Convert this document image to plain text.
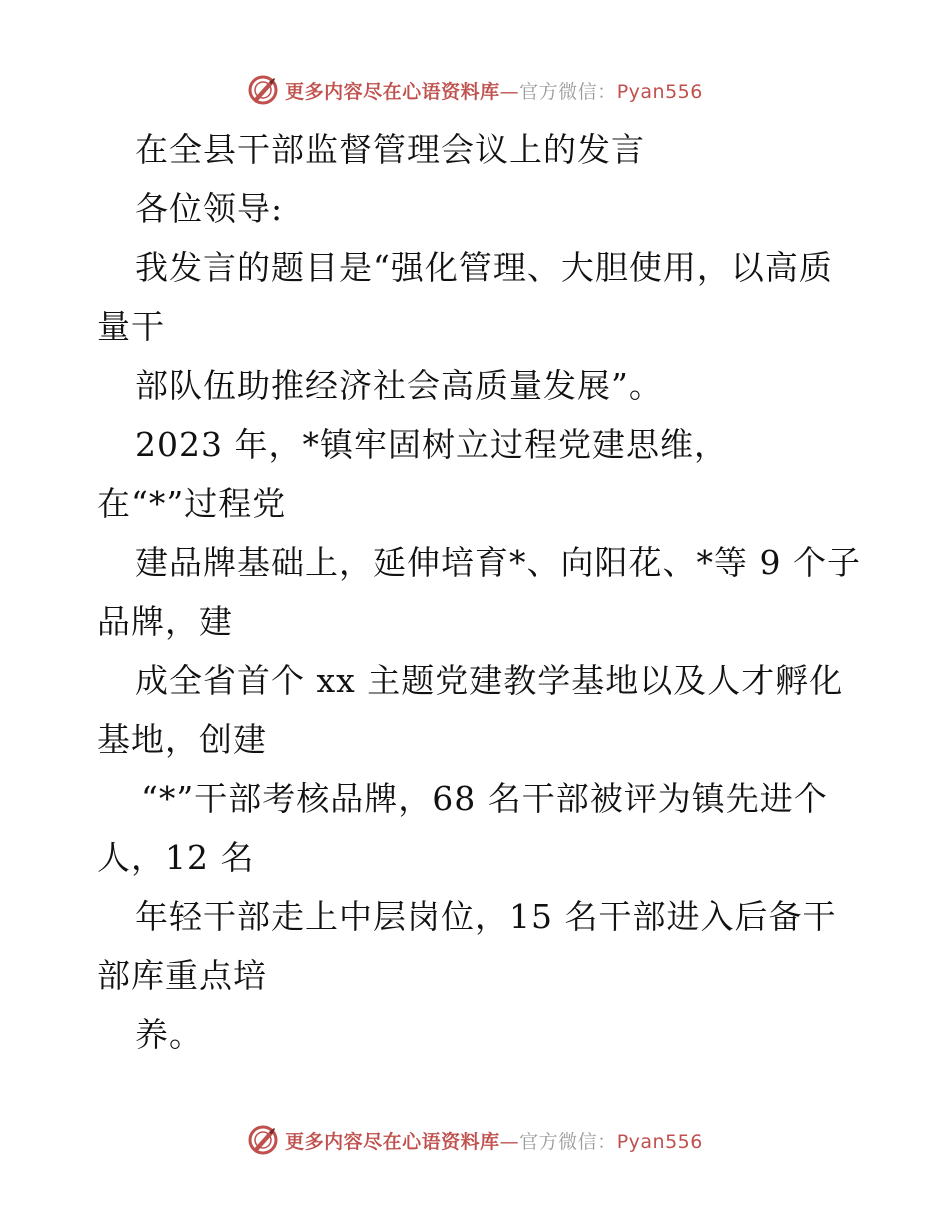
更多内容尽在心语资料库—官方微信：Pyan556
在全县干部监督管理会议上的发言
各位领导:
我发言的题目是“强化管理、大胆使用，以高质
量干
部队伍助推经济社会高质量发展”。
2023 年，*镇牢固树立过程党建思维，
在“*”过程党
建品牌基础上，延伸培育*、向阳花、*等 9 个子
品牌，建
成全省首个 xx 主题党建教学基地以及人才孵化
基地，创建
“*”干部考核品牌，68 名干部被评为镇先进个
人，12 名
年轻干部走上中层岗位，15 名干部进入后备干
部库重点培
养。
更多内容尽在心语资料库—官方微信：Pyan556
